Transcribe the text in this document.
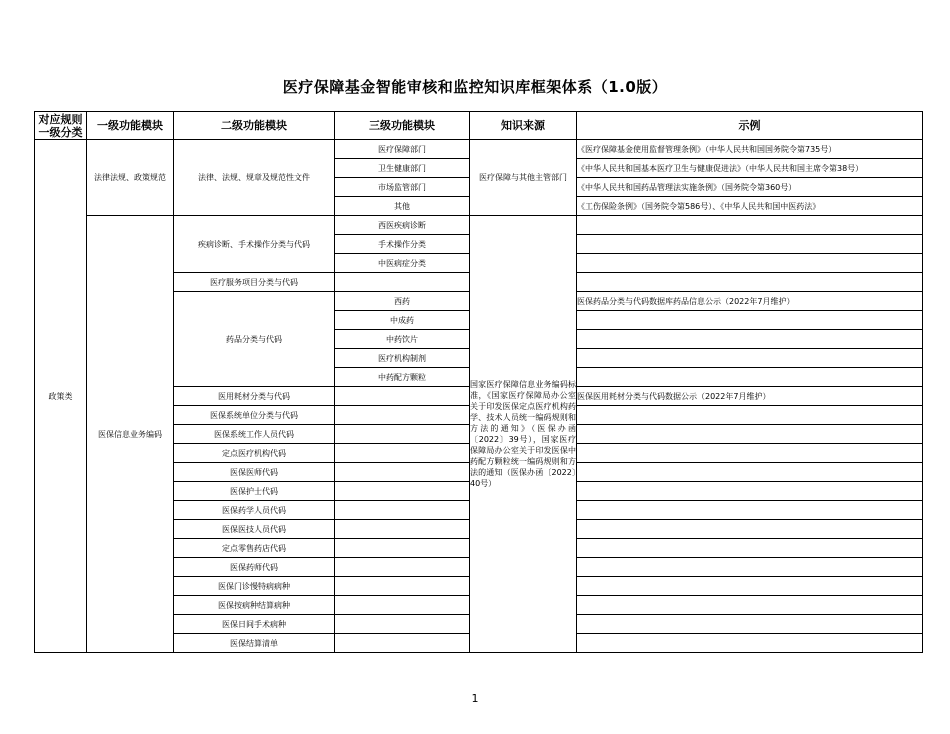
医疗保障基金智能审核和监控知识库框架体系（1.0版）
对应规则一级分类	一级功能模块	二级功能模块	三级功能模块	知识来源	示例
政策类	法律法规、政策规范	法律、法规、规章及规范性文件	医疗保障部门	医疗保障与其他主管部门	《医疗保障基金使用监督管理条例》（中华人民共和国国务院令第735号）
			卫生健康部门		《中华人民共和国基本医疗卫生与健康促进法》（中华人民共和国主席令第38号）
			市场监管部门		《中华人民共和国药品管理法实施条例》（国务院令第360号）
			其他		《工伤保险条例》（国务院令第586号）、《中华人民共和国中医药法》
	医保信息业务编码	疾病诊断、手术操作分类与代码	西医疾病诊断	国家医疗保障信息业务编码标准，《国家医疗保障局办公室关于印发医保定点医疗机构药学、技术人员统一编码规则和方法的通知》（医保办函〔2022〕39号），国家医疗保障局办公室关于印发医保中药配方颗粒统一编码规则和方法的通知（医保办函〔2022〕40号）	
			手术操作分类		
			中医病症分类		
		医疗服务项目分类与代码			
		药品分类与代码	西药		医保药品分类与代码数据库药品信息公示（2022年7月维护）
			中成药		
			中药饮片		
			医疗机构制剂		
			中药配方颗粒		
		医用耗材分类与代码			医保医用耗材分类与代码数据公示（2022年7月维护）
		医保系统单位分类与代码			
		医保系统工作人员代码			
		定点医疗机构代码			
		医保医师代码			
		医保护士代码			
		医保药学人员代码			
		医保医技人员代码			
		定点零售药店代码			
		医保药师代码			
		医保门诊慢特病病种			
		医保按病种结算病种			
		医保日间手术病种			
		医保结算清单			
1
